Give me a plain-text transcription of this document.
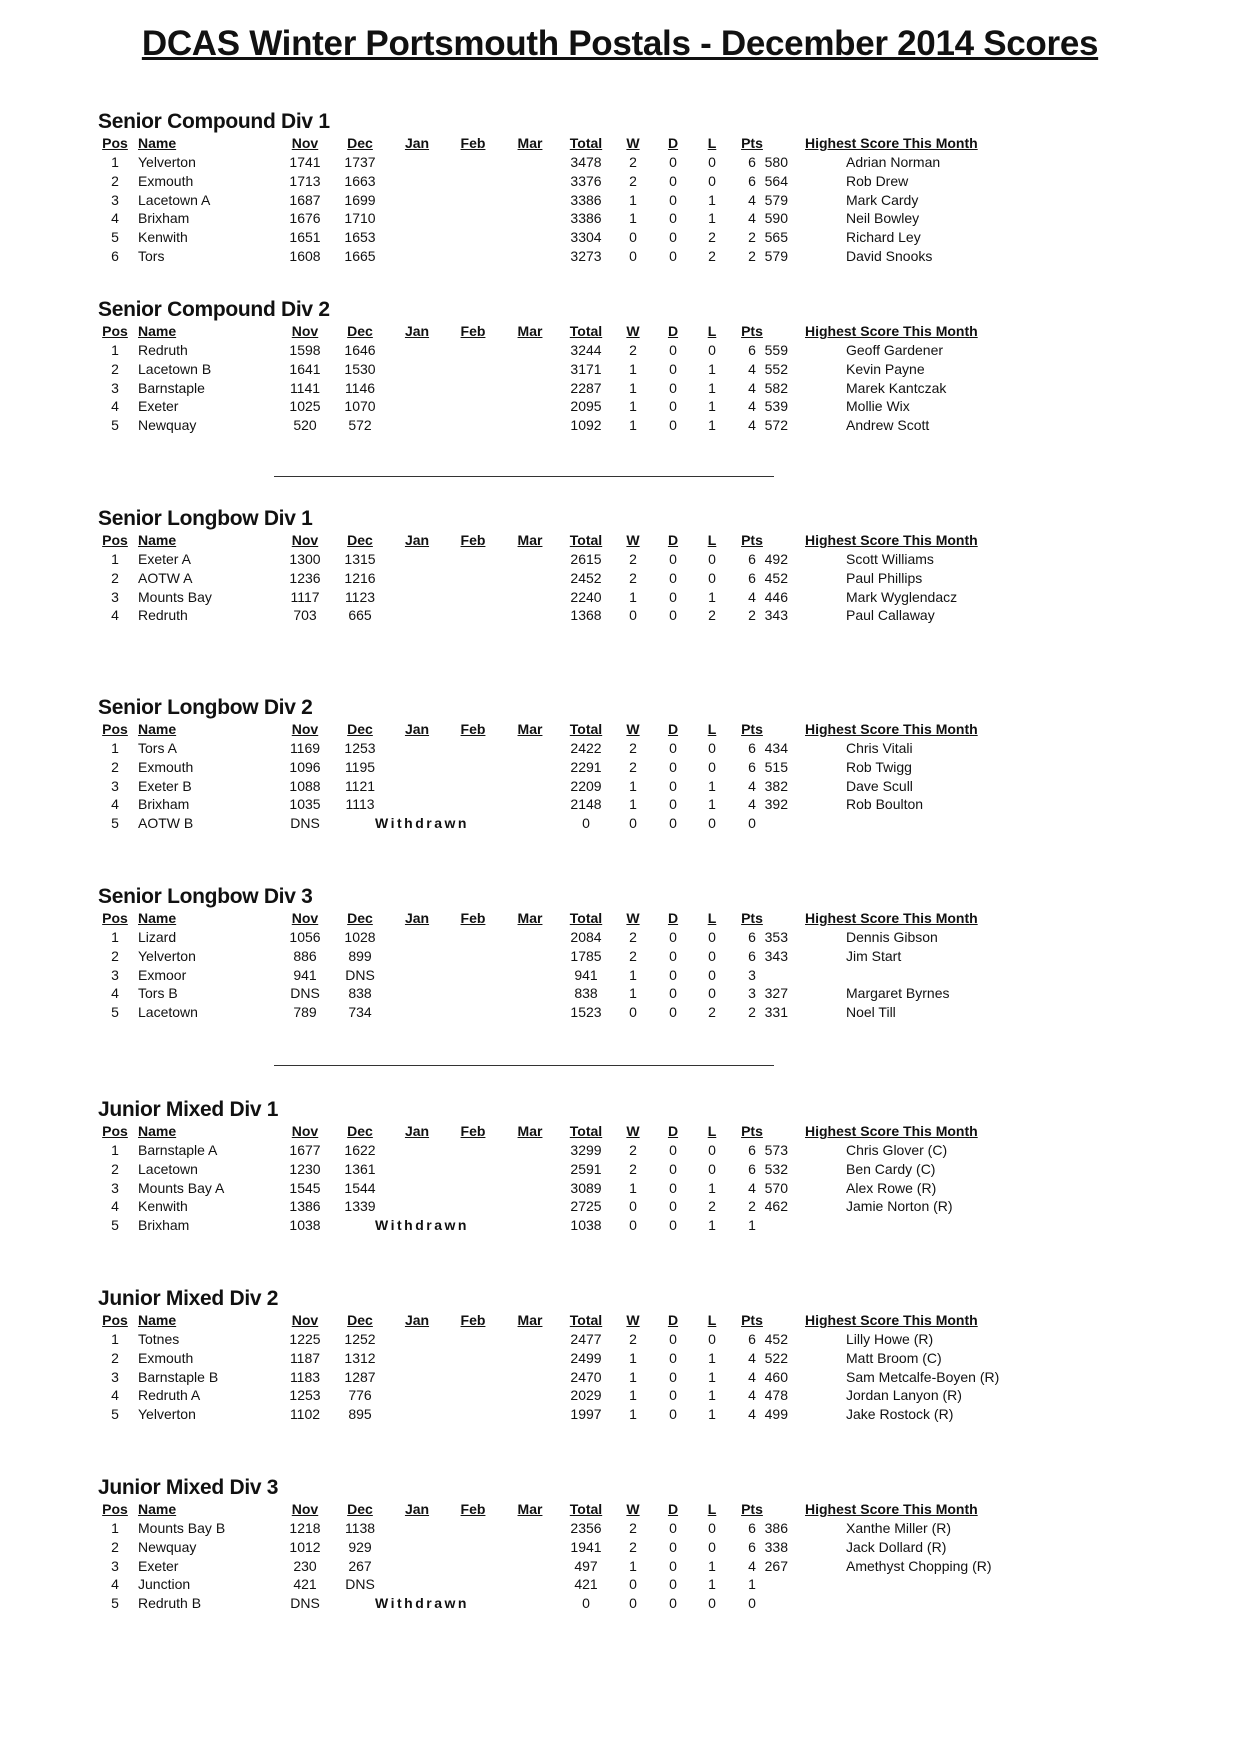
DCAS Winter Portsmouth Postals - December 2014 Scores
Senior Compound Div 1
Pos Name	Nov	Dec	Jan	Feb	Mar	Total	W	D	L	Pts	Highest Score This Month
1	Yelverton	1741	1737	3478	2	0	0	6 580	Adrian Norman
2	Exmouth	1713	1663	3376	2	0	0	6 564	Rob Drew
3	Lacetown A	1687	1699	3386	1	0	1	4 579	Mark Cardy
4	Brixham	1676	1710	3386	1	0	1	4 590	Neil Bowley
5	Kenwith	1651	1653	3304	0	0	2	2 565	Richard Ley
6	Tors	1608	1665	3273	0	0	2	2 579	David Snooks
Senior Compound Div 2
Pos Name	Nov	Dec	Jan	Feb	Mar	Total	W	D	L	Pts	Highest Score This Month
1	Redruth	1598	1646	3244	2	0	0	6 559	Geoff Gardener
2	Lacetown B	1641	1530	3171	1	0	1	4 552	Kevin Payne
3	Barnstaple	1141	1146	2287	1	0	1	4 582	Marek Kantczak
4	Exeter	1025	1070	2095	1	0	1	4 539	Mollie Wix
5	Newquay	520	572	1092	1	0	1	4 572	Andrew Scott
Senior Longbow Div 1
Pos Name	Nov	Dec	Jan	Feb	Mar	Total	W	D	L	Pts	Highest Score This Month
1	Exeter A	1300	1315	2615	2	0	0	6 492	Scott Williams
2	AOTW A	1236	1216	2452	2	0	0	6 452	Paul Phillips
3	Mounts Bay	1117	1123	2240	1	0	1	4 446	Mark Wyglendacz
4	Redruth	703	665	1368	0	0	2	2 343	Paul Callaway
Senior Longbow Div 2
Pos Name	Nov	Dec	Jan	Feb	Mar	Total	W	D	L	Pts	Highest Score This Month
1	Tors A	1169	1253	2422	2	0	0	6 434	Chris Vitali
2	Exmouth	1096	1195	2291	2	0	0	6 515	Rob Twigg
3	Exeter B	1088	1121	2209	1	0	1	4 382	Dave Scull
4	Brixham	1035	1113	2148	1	0	1	4 392	Rob Boulton
5	AOTW B	DNS	0	0	0	0	0
Withdrawn
Senior Longbow Div 3
Pos Name	Nov	Dec	Jan	Feb	Mar	Total	W	D	L	Pts	Highest Score This Month
1	Lizard	1056	1028	2084	2	0	0	6 353	Dennis Gibson
2	Yelverton	886	899	1785	2	0	0	6 343	Jim Start
3	Exmoor	941	DNS	941	1	0	0	3
4	Tors B	DNS	838	838	1	0	0	3 327	Margaret Byrnes
5	Lacetown	789	734	1523	0	0	2	2 331	Noel Till
Junior Mixed Div 1
Pos Name	Nov	Dec	Jan	Feb	Mar	Total	W	D	L	Pts	Highest Score This Month
1	Barnstaple A	1677	1622	3299	2	0	0	6 573	Chris Glover (C)
2	Lacetown	1230	1361	2591	2	0	0	6 532	Ben Cardy (C)
3	Mounts Bay A	1545	1544	3089	1	0	1	4 570	Alex Rowe (R)
4	Kenwith	1386	1339	2725	0	0	2	2 462	Jamie Norton (R)
5	Brixham	1038	1038	0	0	1	1
Withdrawn
Junior Mixed Div 2
Pos Name	Nov	Dec	Jan	Feb	Mar	Total	W	D	L	Pts	Highest Score This Month
1	Totnes	1225	1252	2477	2	0	0	6 452	Lilly Howe (R)
2	Exmouth	1187	1312	2499	1	0	1	4 522	Matt Broom (C)
3	Barnstaple B	1183	1287	2470	1	0	1	4 460	Sam Metcalfe-Boyen (R)
4	Redruth A	1253	776	2029	1	0	1	4 478	Jordan Lanyon (R)
5	Yelverton	1102	895	1997	1	0	1	4 499	Jake Rostock (R)
Junior Mixed Div 3
Pos Name	Nov	Dec	Jan	Feb	Mar	Total	W	D	L	Pts	Highest Score This Month
1	Mounts Bay B	1218	1138	2356	2	0	0	6 386	Xanthe Miller (R)
2	Newquay	1012	929	1941	2	0	0	6 338	Jack Dollard (R)
3	Exeter	230	267	497	1	0	1	4 267	Amethyst Chopping (R)
4	Junction	421	DNS	421	0	0	1	1
5	Redruth B	DNS	0	0	0	0	0
Withdrawn
